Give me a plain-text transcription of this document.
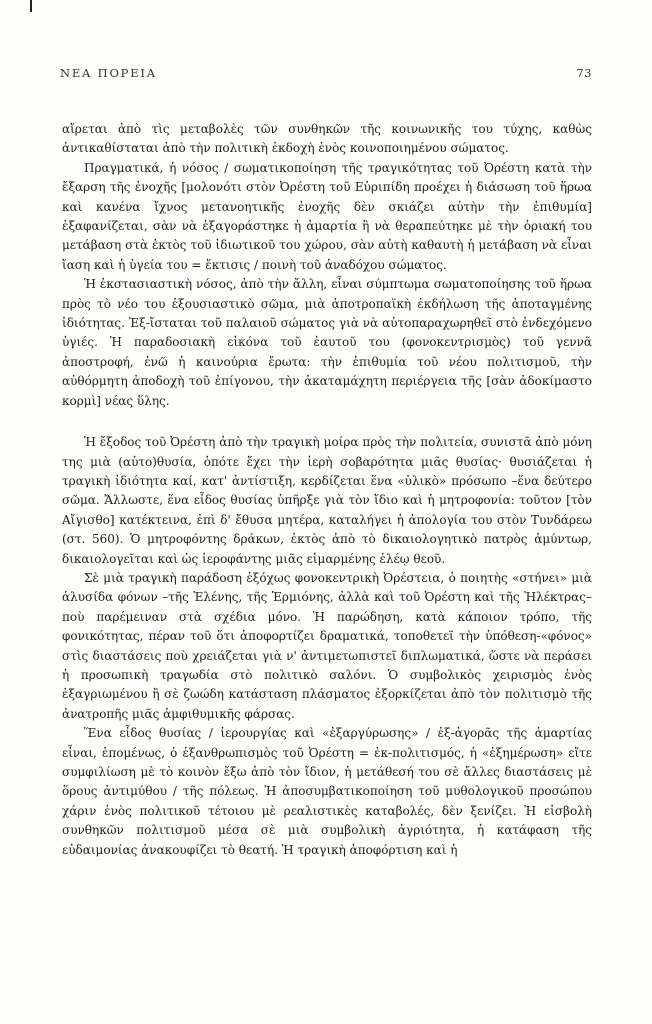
ΝΕΑ ΠΟΡΕΙΑ	73

αἴρεται ἀπὸ τὶς μεταβολὲς τῶν συνθηκῶν τῆς κοινωνικῆς του τύχης, καθὼς ἀντικαθίσταται ἀπὸ τὴν πολιτικὴ ἐκδοχὴ ἑνὸς κοινοποιημένου σώματος.

Πραγματικά, ἡ νόσος / σωματικοποίηση τῆς τραγικότητας τοῦ Ὀρέστη κατὰ τὴν ἔξαρση τῆς ἐνοχῆς [μολονότι στὸν Ὀρέστη τοῦ Εὐριπίδη προέχει ἡ διάσωση τοῦ ἥρωα καὶ κανένα ἴχνος μετανοητικῆς ἐνοχῆς δὲν σκιάζει αὐτὴν τὴν ἐπιθυμία] ἐξαφανίζεται, σὰν νὰ ἐξαγοράστηκε ἡ ἁμαρτία ἢ νὰ θεραπεύτηκε μὲ τὴν ὁριακή του μετάβαση στὰ ἐκτὸς τοῦ ἰδιωτικοῦ του χώρου, σὰν αὐτὴ καθαυτὴ ἡ μετάβαση νὰ εἶναι ἴαση καὶ ἡ ὑγεία του = ἔκτισις / ποινὴ τοῦ ἀναδόχου σώματος.

Ἡ ἐκστασιαστικὴ νόσος, ἀπὸ τὴν ἄλλη, εἶναι σύμπτωμα σωματοποίησης τοῦ ἥρωα πρὸς τὸ νέο του ἐξουσιαστικὸ σῶμα, μιὰ ἀποτροπαϊκὴ ἐκδήλωση τῆς ἀποταγμένης ἰδιότητας. Ἐξ-ἴσταται τοῦ παλαιοῦ σώματος γιὰ νὰ αὐτοπαραχωρηθεῖ στὸ ἐνδεχόμενο ὑγιές. Ἡ παραδοσιακὴ εἰκόνα τοῦ ἑαυτοῦ του (φονοκεντρισμὸς) τοῦ γεννᾶ ἀποστροφή, ἐνῶ ἡ καινούρια ἔρωτα: τὴν ἐπιθυμία τοῦ νέου πολιτισμοῦ, τὴν αὐθόρμητη ἀποδοχὴ τοῦ ἐπίγονου, τὴν ἀκαταμάχητη περιέργεια τῆς [σὰν ἀδοκίμαστο κορμὶ] νέας ὕλης.

Ἡ ἔξοδος τοῦ Ὀρέστη ἀπὸ τὴν τραγικὴ μοίρα πρὸς τὴν πολιτεία, συνιστᾶ ἀπὸ μόνη της μιὰ (αὐτο)θυσία, ὁπότε ἔχει τὴν ἱερὴ σοβαρότητα μιᾶς θυσίας· θυσιάζεται ἡ τραγικὴ ἰδιότητα καί, κατ' ἀντίστιξη, κερδίζεται ἕνα «ὑλικὸ» πρόσωπο –ἕνα δεύτερο σῶμα. Ἄλλωστε, ἕνα εἶδος θυσίας ὑπῆρξε γιὰ τὸν ἴδιο καὶ ἡ μητροφονία: τοῦτον [τὸν Αἴγισθο] κατέκτεινα, ἐπὶ δ' ἔθυσα μητέρα, καταλήγει ἡ ἀπολογία του στὸν Τυνδάρεω (στ. 560). Ὁ μητροφόντης δράκων, ἐκτὸς ἀπὸ τὸ δικαιολογητικὸ πατρὸς ἀμύντωρ, δικαιολογεῖται καὶ ὡς ἱεροφάντης μιᾶς εἱμαρμένης ἐλέῳ θεοῦ.

Σὲ μιὰ τραγικὴ παράδοση ἐξόχως φονοκεντρικὴ Ὀρέστεια, ὁ ποιητὴς «στήνει» μιὰ ἁλυσίδα φόνων –τῆς Ἑλένης, τῆς Ἑρμιόνης, ἀλλὰ καὶ τοῦ Ὀρέστη καὶ τῆς Ἠλέκτρας– ποὺ παρέμειναν στὰ σχέδια μόνο. Ἡ παρώδηση, κατὰ κάποιον τρόπο, τῆς φονικότητας, πέραν τοῦ ὅτι ἀποφορτίζει δραματικά, τοποθετεῖ τὴν ὑπόθεση-«φόνος» στὶς διαστάσεις ποὺ χρειάζεται γιὰ ν' ἀντιμετωπιστεῖ διπλωματικά, ὥστε νὰ περάσει ἡ προσωπικὴ τραγωδία στὸ πολιτικὸ σαλόνι. Ὁ συμβολικὸς χειρισμὸς ἑνὸς ἐξαγριωμένου ἢ σὲ ζωώδη κατάσταση πλάσματος ἐξορκίζεται ἀπὸ τὸν πολιτισμὸ τῆς ἀνατροπῆς μιᾶς ἀμφιθυμικῆς φάρσας.

Ἕνα εἶδος θυσίας / ἱερουργίας καὶ «ἐξαργύρωσης» / ἐξ-ἀγορᾶς τῆς ἁμαρτίας εἶναι, ἑπομένως, ὁ ἐξανθρωπισμὸς τοῦ Ὀρέστη = ἐκ-πολιτισμός, ἡ «ἐξημέρωση» εἴτε συμφιλίωση μὲ τὸ κοινὸν ἔξω ἀπὸ τὸν ἴδιον, ἡ μετάθεσή του σὲ ἄλλες διαστάσεις μὲ ὅρους ἀντιμύθου / τῆς πόλεως. Ἡ ἀποσυμβατικοποίηση τοῦ μυθολογικοῦ προσώπου χάριν ἑνὸς πολιτικοῦ τέτοιου μὲ ρεαλιστικὲς καταβολές, δὲν ξενίζει. Ἡ εἰσβολὴ συνθηκῶν πολιτισμοῦ μέσα σὲ μιὰ συμβολικὴ ἀγριότητα, ἡ κατάφαση τῆς εὐδαιμονίας ἀνακουφίζει τὸ θεατή. Ἡ τραγικὴ ἀποφόρτιση καὶ ἡ
